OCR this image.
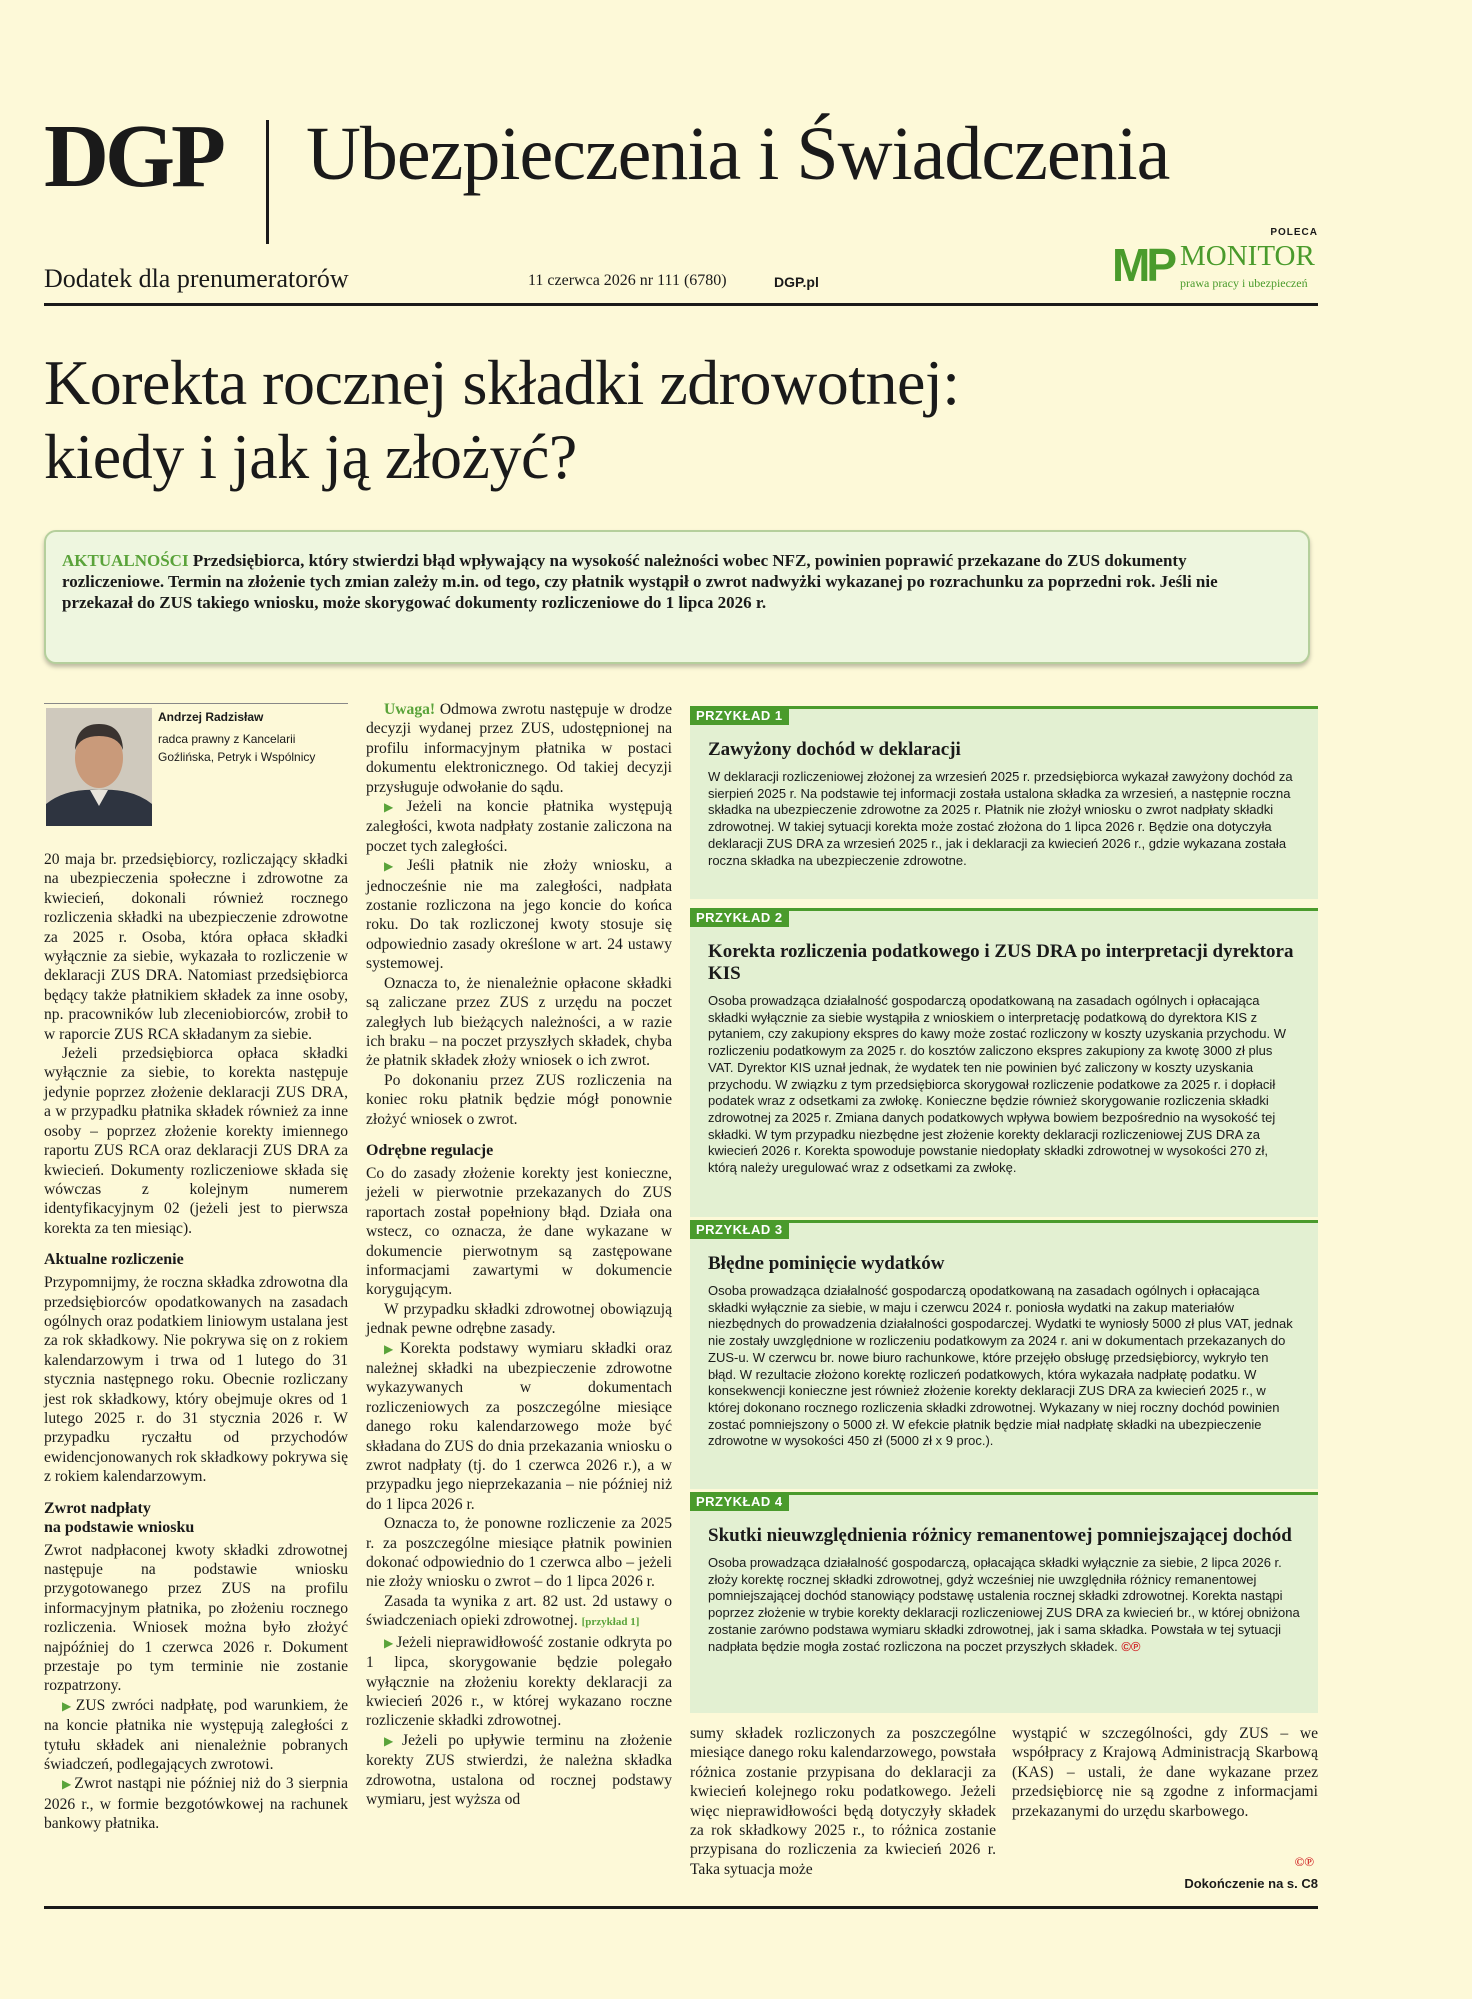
DGP Ubezpieczenia i Świadczenia
Dodatek dla prenumeratorów	11 czerwca 2026 nr 111 (6780)	DGP.pl
POLECA
MP MONITOR
prawa pracy i ubezpieczeń
Korekta rocznej składki zdrowotnej:
kiedy i jak ją złożyć?

AKTUALNOŚCI Przedsiębiorca, który stwierdzi błąd wpływający na wysokość należności wobec NFZ, powinien poprawić przekazane do ZUS dokumenty rozliczeniowe. Termin na złożenie tych zmian zależy m.in. od tego, czy płatnik wystąpił o zwrot nadwyżki wykazanej po rozrachunku za poprzedni rok. Jeśli nie przekazał do ZUS takiego wniosku, może skorygować dokumenty rozliczeniowe do 1 lipca 2026 r.

Andrzej Radzisław
radca prawny z Kancelarii Goźlińska, Petryk i Wspólnicy

20 maja br. przedsiębiorcy, rozliczający składki na ubezpieczenia społeczne i zdrowotne za kwiecień, dokonali również rocznego rozliczenia składki na ubezpieczenie zdrowotne za 2025 r. Osoba, która opłaca składki wyłącznie za siebie, wykazała to rozliczenie w deklaracji ZUS DRA. Natomiast przedsiębiorca będący także płatnikiem składek za inne osoby, np. pracowników lub zleceniobiorców, zrobił to w raporcie ZUS RCA składanym za siebie.

Jeżeli przedsiębiorca opłaca składki wyłącznie za siebie, to korekta następuje jedynie poprzez złożenie deklaracji ZUS DRA, a w przypadku płatnika składek również za inne osoby – poprzez złożenie korekty imiennego raportu ZUS RCA oraz deklaracji ZUS DRA za kwiecień. Dokumenty rozliczeniowe składa się wówczas z kolejnym numerem identyfikacyjnym 02 (jeżeli jest to pierwsza korekta za ten miesiąc).

Aktualne rozliczenie

Przypomnijmy, że roczna składka zdrowotna dla przedsiębiorców opodatkowanych na zasadach ogólnych oraz podatkiem liniowym ustalana jest za rok składkowy. Nie pokrywa się on z rokiem kalendarzowym i trwa od 1 lutego do 31 stycznia następnego roku. Obecnie rozliczany jest rok składkowy, który obejmuje okres od 1 lutego 2025 r. do 31 stycznia 2026 r. W przypadku ryczałtu od przychodów ewidencjonowanych rok składkowy pokrywa się z rokiem kalendarzowym.

Zwrot nadpłaty
na podstawie wniosku

Zwrot nadpłaconej kwoty składki zdrowotnej następuje na podstawie wniosku przygotowanego przez ZUS na profilu informacyjnym płatnika, po złożeniu rocznego rozliczenia. Wniosek można było złożyć najpóźniej do 1 czerwca 2026 r. Dokument przestaje po tym terminie nie zostanie rozpatrzony.

▶ ZUS zwróci nadpłatę, pod warunkiem, że na koncie płatnika nie występują zaległości z tytułu składek ani nienależnie pobranych świadczeń, podlegających zwrotowi.

▶ Zwrot nastąpi nie później niż do 3 sierpnia 2026 r., w formie bezgotówkowej na rachunek bankowy płatnika.

Uwaga! Odmowa zwrotu następuje w drodze decyzji wydanej przez ZUS, udostępnionej na profilu informacyjnym płatnika w postaci dokumentu elektronicznego. Od takiej decyzji przysługuje odwołanie do sądu.

▶ Jeżeli na koncie płatnika występują zaległości, kwota nadpłaty zostanie zaliczona na poczet tych zaległości.

▶ Jeśli płatnik nie złoży wniosku, a jednocześnie nie ma zaległości, nadpłata zostanie rozliczona na jego koncie do końca roku. Do tak rozliczonej kwoty stosuje się odpowiednio zasady określone w art. 24 ustawy systemowej.

Oznacza to, że nienależnie opłacone składki są zaliczane przez ZUS z urzędu na poczet zaległych lub bieżących należności, a w razie ich braku – na poczet przyszłych składek, chyba że płatnik składek złoży wniosek o ich zwrot.

Po dokonaniu przez ZUS rozliczenia na koniec roku płatnik będzie mógł ponownie złożyć wniosek o zwrot.

Odrębne regulacje

Co do zasady złożenie korekty jest konieczne, jeżeli w pierwotnie przekazanych do ZUS raportach został popełniony błąd. Działa ona wstecz, co oznacza, że dane wykazane w dokumencie pierwotnym są zastępowane informacjami zawartymi w dokumencie korygującym.

W przypadku składki zdrowotnej obowiązują jednak pewne odrębne zasady.

▶ Korekta podstawy wymiaru składki oraz należnej składki na ubezpieczenie zdrowotne wykazywanych w dokumentach rozliczeniowych za poszczególne miesiące danego roku kalendarzowego może być składana do ZUS do dnia przekazania wniosku o zwrot nadpłaty (tj. do 1 czerwca 2026 r.), a w przypadku jego nieprzekazania – nie później niż do 1 lipca 2026 r.

Oznacza to, że ponowne rozliczenie za 2025 r. za poszczególne miesiące płatnik powinien dokonać odpowiednio do 1 czerwca albo – jeżeli nie złoży wniosku o zwrot – do 1 lipca 2026 r.

Zasada ta wynika z art. 82 ust. 2d ustawy o świadczeniach opieki zdrowotnej. [przykład 1]

▶ Jeżeli nieprawidłowość zostanie odkryta po 1 lipca, skorygowanie będzie polegało wyłącznie na złożeniu korekty deklaracji za kwiecień 2026 r., w której wykazano roczne rozliczenie składki zdrowotnej.

▶ Jeżeli po upływie terminu na złożenie korekty ZUS stwierdzi, że należna składka zdrowotna, ustalona od rocznej podstawy wymiaru, jest wyższa od

PRZYKŁAD 1
Zawyżony dochód w deklaracji

W deklaracji rozliczeniowej złożonej za wrzesień 2025 r. przedsiębiorca wykazał zawyżony dochód za sierpień 2025 r. Na podstawie tej informacji została ustalona składka za wrzesień, a następnie roczna składka na ubezpieczenie zdrowotne za 2025 r. Płatnik nie złożył wniosku o zwrot nadpłaty składki zdrowotnej. W takiej sytuacji korekta może zostać złożona do 1 lipca 2026 r. Będzie ona dotyczyła deklaracji ZUS DRA za wrzesień 2025 r., jak i deklaracji za kwiecień 2026 r., gdzie wykazana została roczna składka na ubezpieczenie zdrowotne.

PRZYKŁAD 2
Korekta rozliczenia podatkowego i ZUS DRA po interpretacji dyrektora KIS

Osoba prowadząca działalność gospodarczą opodatkowaną na zasadach ogólnych i opłacająca składki wyłącznie za siebie wystąpiła z wnioskiem o interpretację podatkową do dyrektora KIS z pytaniem, czy zakupiony ekspres do kawy może zostać rozliczony w koszty uzyskania przychodu. W rozliczeniu podatkowym za 2025 r. do kosztów zaliczono ekspres zakupiony za kwotę 3000 zł plus VAT. Dyrektor KIS uznał jednak, że wydatek ten nie powinien być zaliczony w koszty uzyskania przychodu. W związku z tym przedsiębiorca skorygował rozliczenie podatkowe za 2025 r. i dopłacił podatek wraz z odsetkami za zwłokę. Konieczne będzie również skorygowanie rozliczenia składki zdrowotnej za 2025 r. Zmiana danych podatkowych wpływa bowiem bezpośrednio na wysokość tej składki. W tym przypadku niezbędne jest złożenie korekty deklaracji rozliczeniowej ZUS DRA za kwiecień 2026 r. Korekta spowoduje powstanie niedopłaty składki zdrowotnej w wysokości 270 zł, którą należy uregulować wraz z odsetkami za zwłokę.

PRZYKŁAD 3
Błędne pominięcie wydatków

Osoba prowadząca działalność gospodarczą opodatkowaną na zasadach ogólnych i opłacająca składki wyłącznie za siebie, w maju i czerwcu 2024 r. poniosła wydatki na zakup materiałów niezbędnych do prowadzenia działalności gospodarczej. Wydatki te wyniosły 5000 zł plus VAT, jednak nie zostały uwzględnione w rozliczeniu podatkowym za 2024 r. ani w dokumentach przekazanych do ZUS-u. W czerwcu br. nowe biuro rachunkowe, które przejęło obsługę przedsiębiorcy, wykryło ten błąd. W rezultacie złożono korektę rozliczeń podatkowych, która wykazała nadpłatę podatku. W konsekwencji konieczne jest również złożenie korekty deklaracji ZUS DRA za kwiecień 2025 r., w której dokonano rocznego rozliczenia składki zdrowotnej. Wykazany w niej roczny dochód powinien zostać pomniejszony o 5000 zł. W efekcie płatnik będzie miał nadpłatę składki na ubezpieczenie zdrowotne w wysokości 450 zł (5000 zł x 9 proc.).

PRZYKŁAD 4
Skutki nieuwzględnienia różnicy remanentowej pomniejszającej dochód

Osoba prowadząca działalność gospodarczą, opłacająca składki wyłącznie za siebie, 2 lipca 2026 r. złoży korektę rocznej składki zdrowotnej, gdyż wcześniej nie uwzględniła różnicy remanentowej pomniejszającej dochód stanowiący podstawę ustalenia rocznej składki zdrowotnej. Korekta nastąpi poprzez złożenie w trybie korekty deklaracji rozliczeniowej ZUS DRA za kwiecień br., w której obniżona zostanie zarówno podstawa wymiaru składki zdrowotnej, jak i sama składka. Powstała w tej sytuacji nadpłata będzie mogła zostać rozliczona na poczet przyszłych składek. ©℗

sumy składek rozliczonych za poszczególne miesiące danego roku kalendarzowego, powstała różnica zostanie przypisana do deklaracji za kwiecień kolejnego roku podatkowego. Jeżeli więc nieprawidłowości będą dotyczyły składek za rok składkowy 2025 r., to różnica zostanie przypisana do rozliczenia za kwiecień 2026 r. Taka sytuacja może

wystąpić w szczególności, gdy ZUS – we współpracy z Krajową Administracją Skarbową (KAS) – ustali, że dane wykazane przez przedsiębiorcę nie są zgodne z informacjami przekazanymi do urzędu skarbowego.

©℗
Dokończenie na s. C8
